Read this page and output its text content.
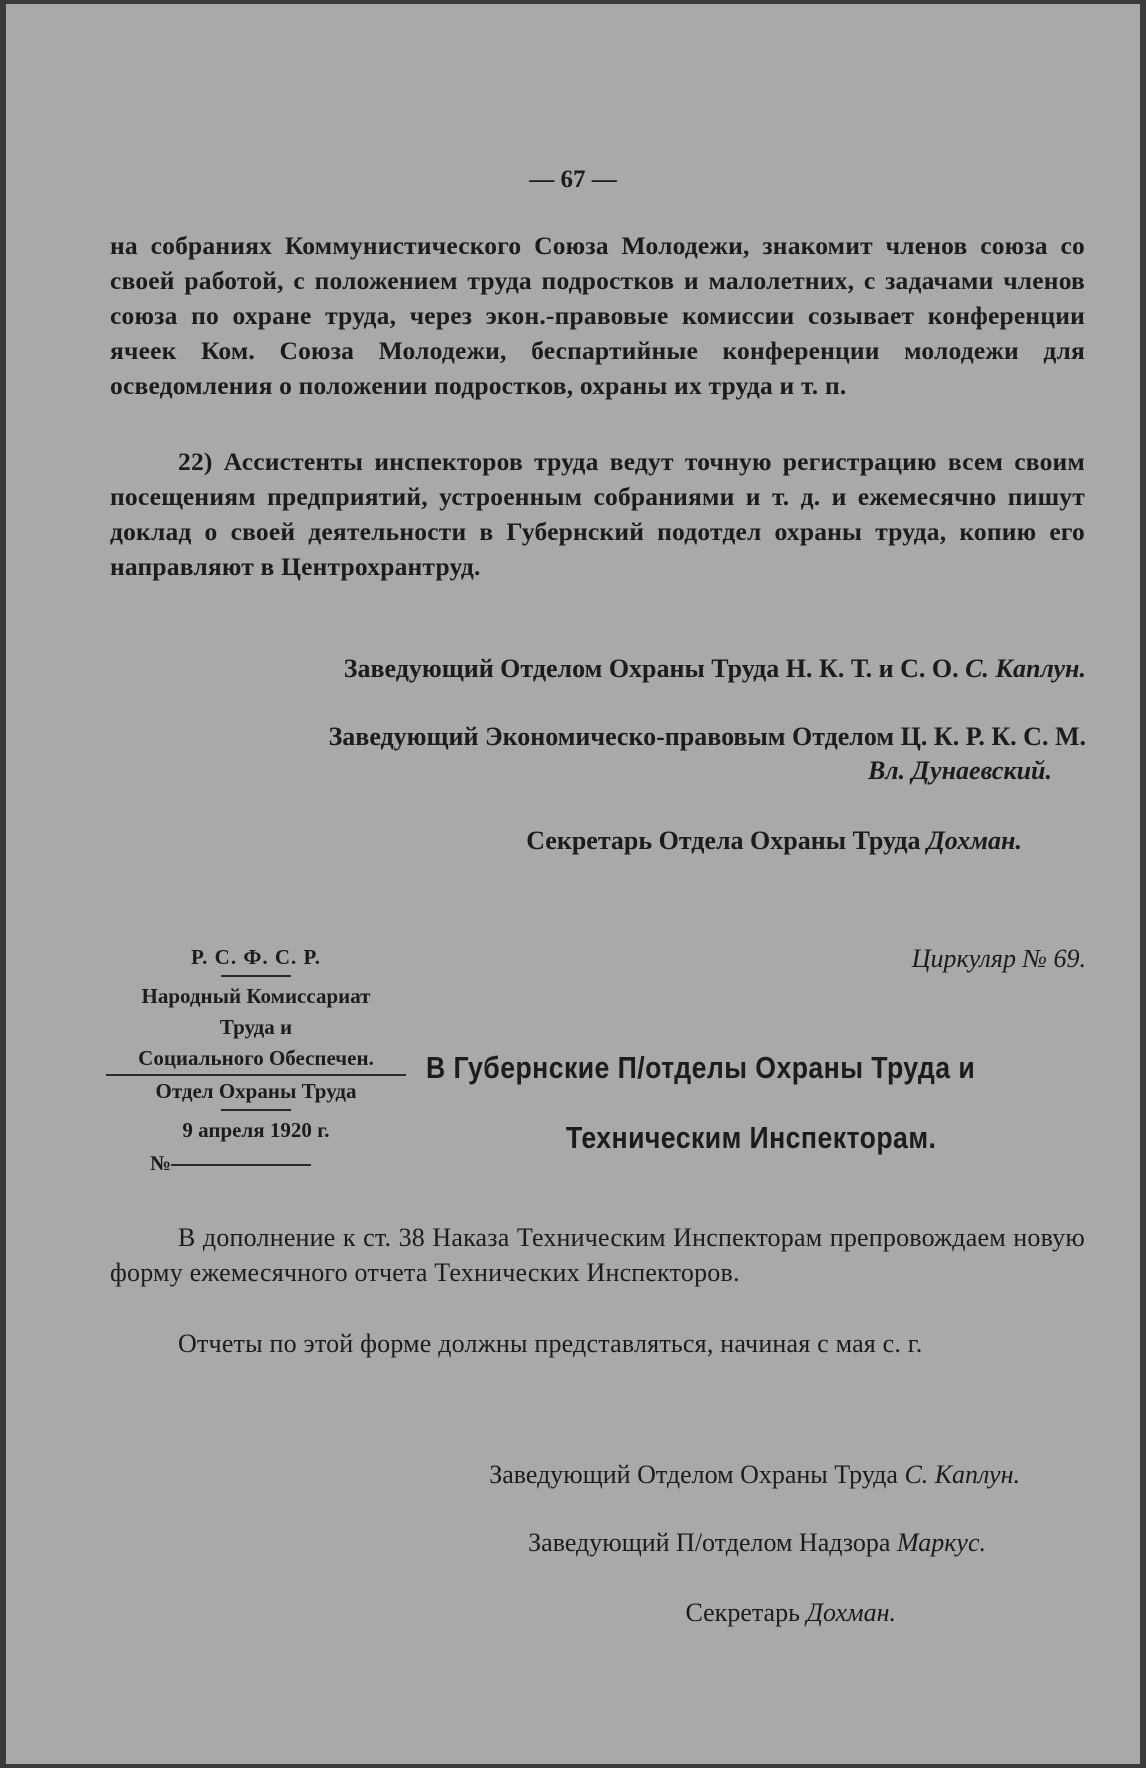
— 67 —
на собраниях Коммунистического Союза Молодежи, знакомит членов союза со своей работой, с положением труда подростков и малолетних, с задачами членов союза по охране труда, через экон.-правовые комиссии созывает конференции ячеек Ком. Союза Молодежи, беспартийные конференции молодежи для осведомления о положении подростков, охраны их труда и т. п.
22) Ассистенты инспекторов труда ведут точную регистрацию всем своим посещениям предприятий, устроенным собраниями и т. д. и ежемесячно пишут доклад о своей деятельности в Губернский подотдел охраны труда, копию его направляют в Центрохрантруд.
Заведующий Отделом Охраны Труда Н. К. Т. и С. О. С. Каплун.
Заведующий Экономическо-правовым Отделом Ц. К. Р. К. С. М.
Вл. Дунаевский.
Секретарь Отдела Охраны Труда Дохман.
Р. С. Ф. С. Р.
Народный Комиссариат
Труда и
Социального Обеспечен.
Отдел Охраны Труда
9 апреля 1920 г.
№
Циркуляр № 69.
В Губернские П/отделы Охраны Труда и
Техническим Инспекторам.
В дополнение к ст. 38 Наказа Техническим Инспекторам препровождаем новую форму ежемесячного отчета Технических Инспекторов.
Отчеты по этой форме должны представляться, начиная с мая с. г.
Заведующий Отделом Охраны Труда С. Каплун.
Заведующий П/отделом Надзора Маркус.
Секретарь Дохман.
